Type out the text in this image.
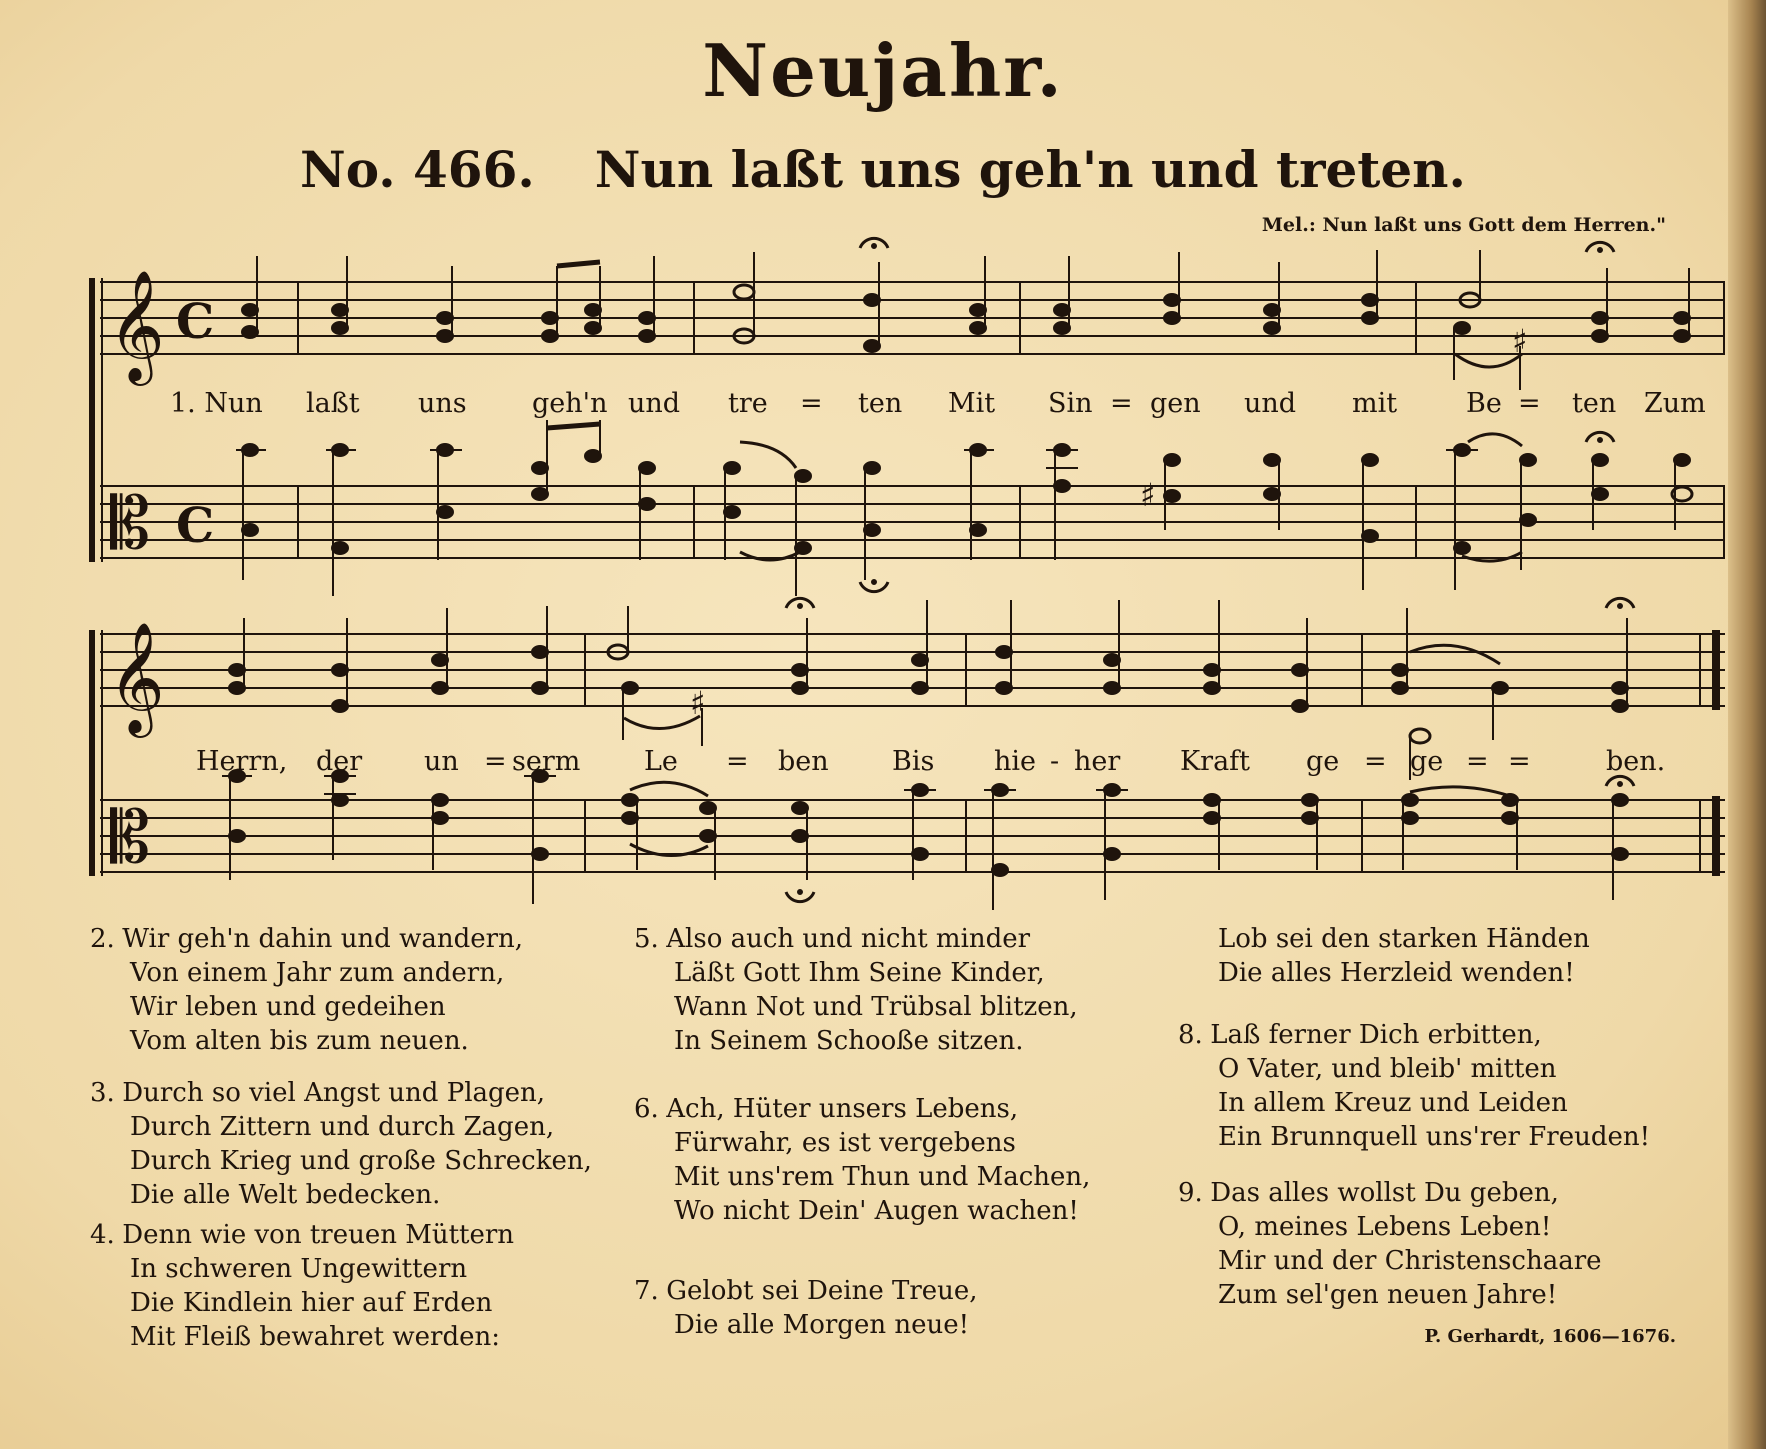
Neujahr.
No. 466. Nun laßt uns geh'n und treten.
Mel.: Nun laßt uns Gott dem Herren."
𝄞 C
𝄡 C
𝄞
𝄡
♯
♯
♯
1. Nun laßt uns geh'n und tre = ten Mit Sin = gen und mit	Be = ten Zum
Herrn, der un = serm Le = ben Bis hie - her Kraft ge = ge = =	ben.
2. Wir geh'n dahin und wandern,
Von einem Jahr zum andern,
Wir leben und gedeihen
Vom alten bis zum neuen.
3. Durch so viel Angst und Plagen,
Durch Zittern und durch Zagen,
Durch Krieg und große Schrecken,
Die alle Welt bedecken.
4. Denn wie von treuen Müttern
In schweren Ungewittern
Die Kindlein hier auf Erden
Mit Fleiß bewahret werden:
5. Also auch und nicht minder
Läßt Gott Ihm Seine Kinder,
Wann Not und Trübsal blitzen,
In Seinem Schooße sitzen.
6. Ach, Hüter unsers Lebens,
Fürwahr, es ist vergebens
Mit uns'rem Thun und Machen,
Wo nicht Dein' Augen wachen!
7. Gelobt sei Deine Treue,
Die alle Morgen neue!
Lob sei den starken Händen
Die alles Herzleid wenden!
8. Laß ferner Dich erbitten,
O Vater, und bleib' mitten
In allem Kreuz und Leiden
Ein Brunnquell uns'rer Freuden!
9. Das alles wollst Du geben,
O, meines Lebens Leben!
Mir und der Christenschaare
Zum sel'gen neuen Jahre!
P. Gerhardt, 1606—1676.
